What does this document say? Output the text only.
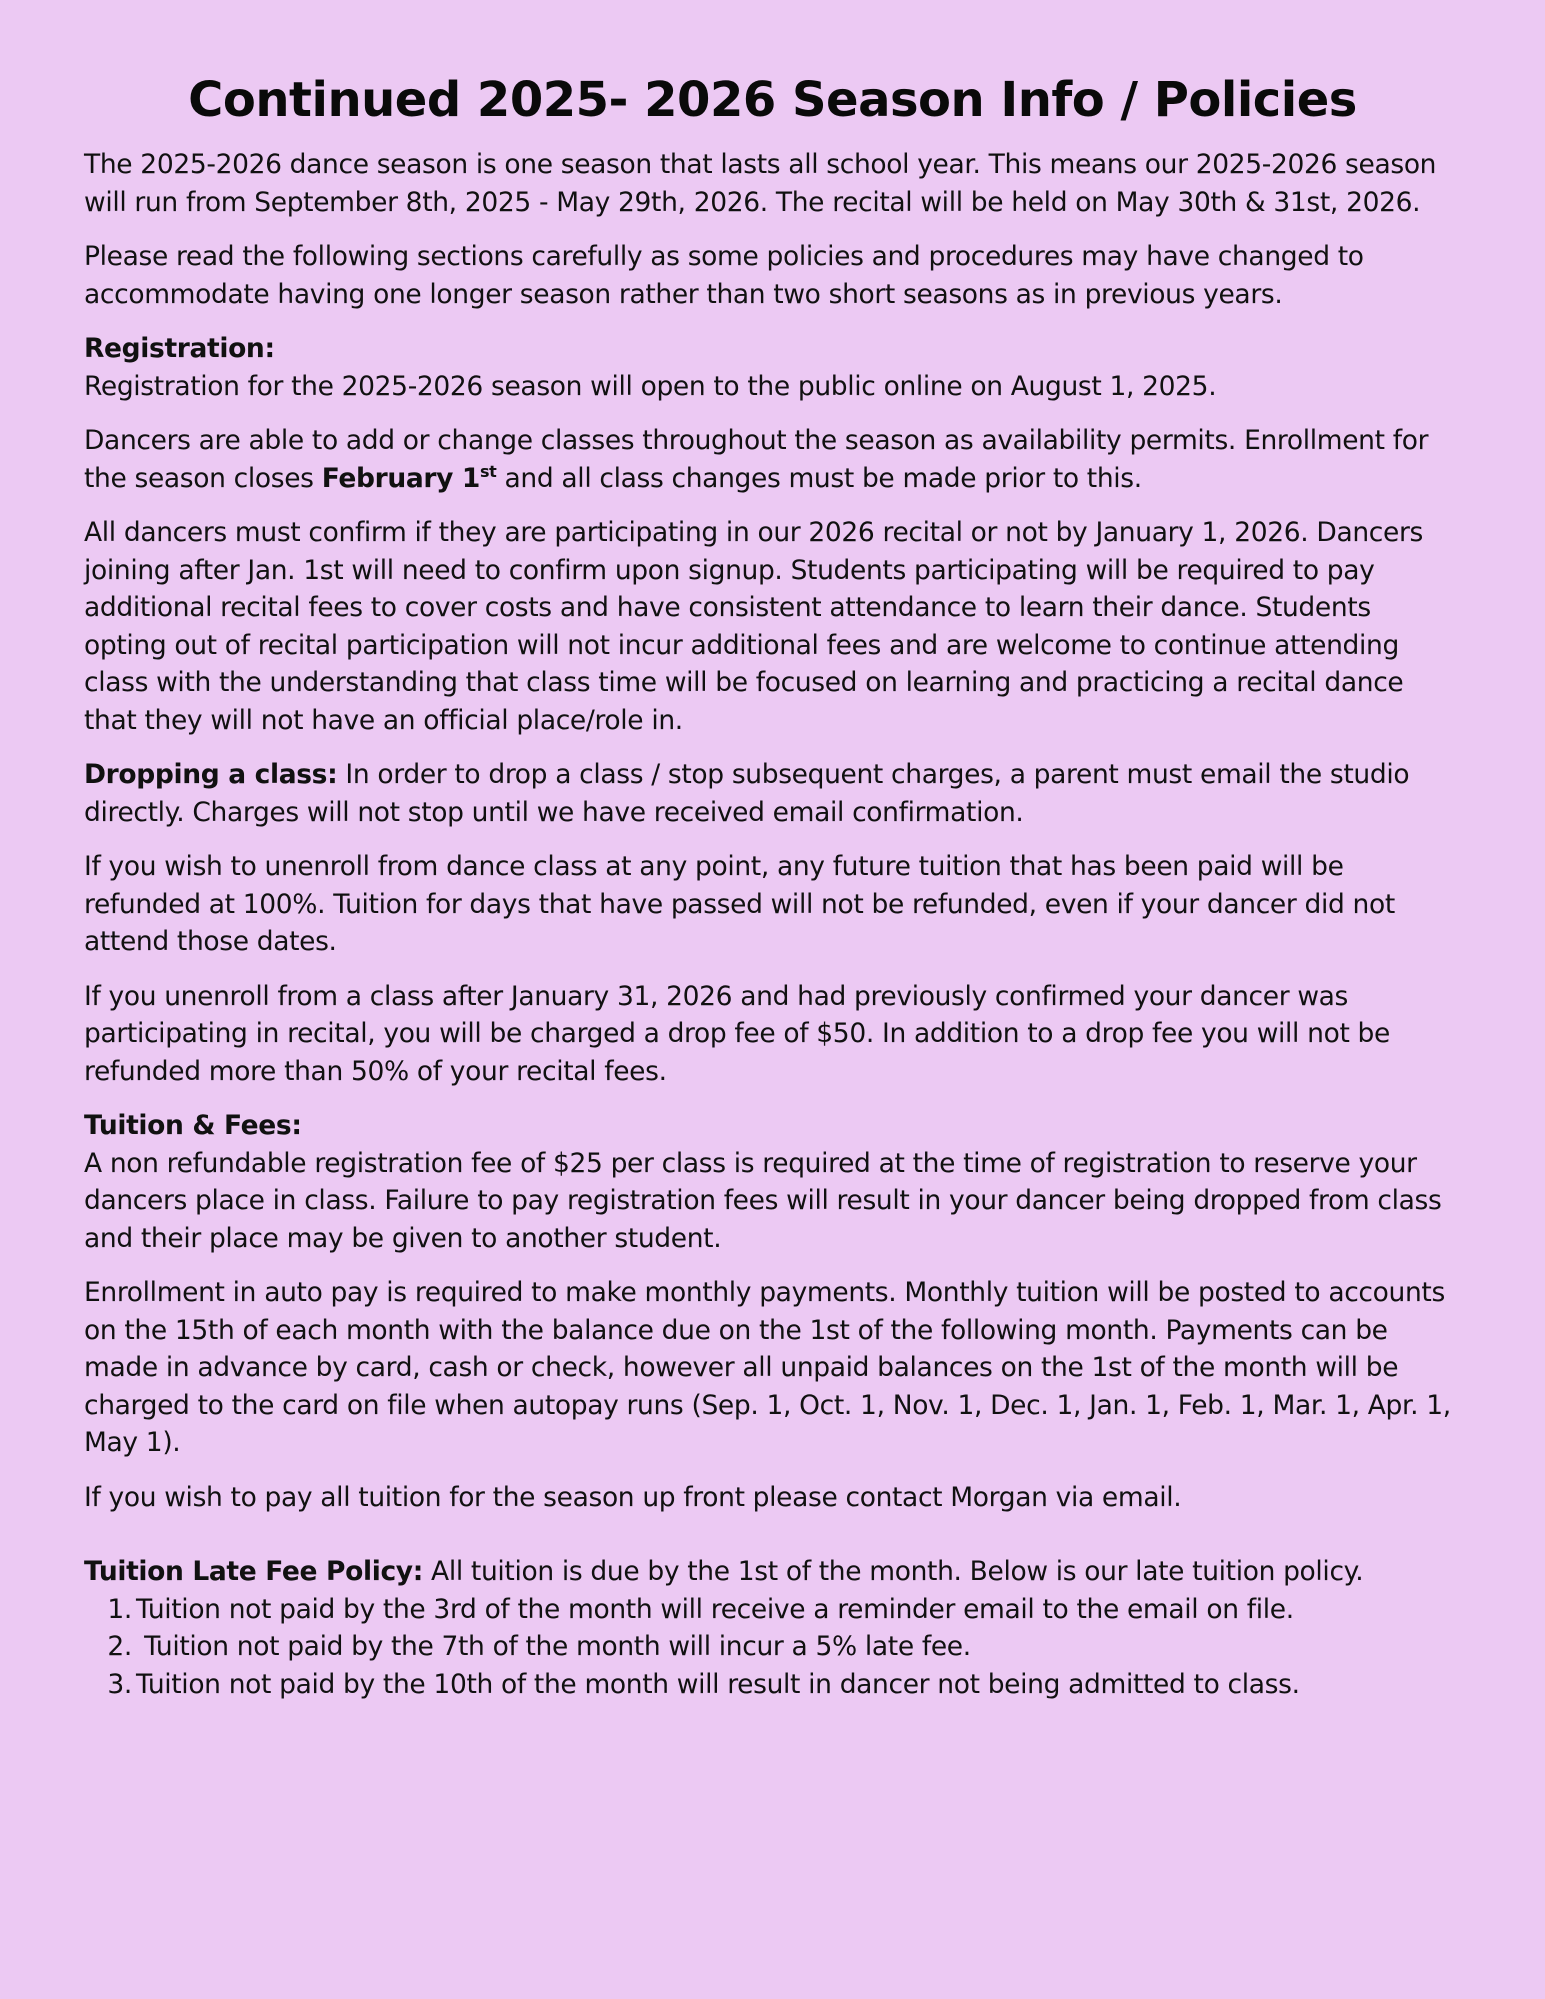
Continued 2025- 2026 Season Info / Policies

The 2025-2026 dance season is one season that lasts all school year. This means our 2025-2026 season will run from September 8th, 2025 - May 29th, 2026. The recital will be held on May 30th & 31st, 2026.

Please read the following sections carefully as some policies and procedures may have changed to accommodate having one longer season rather than two short seasons as in previous years.

Registration:
Registration for the 2025-2026 season will open to the public online on August 1, 2025.

Dancers are able to add or change classes throughout the season as availability permits. Enrollment for the season closes February 1st and all class changes must be made prior to this.

All dancers must confirm if they are participating in our 2026 recital or not by January 1, 2026. Dancers joining after Jan. 1st will need to confirm upon signup. Students participating will be required to pay additional recital fees to cover costs and have consistent attendance to learn their dance. Students opting out of recital participation will not incur additional fees and are welcome to continue attending class with the understanding that class time will be focused on learning and practicing a recital dance that they will not have an official place/role in.

Dropping a class: In order to drop a class / stop subsequent charges, a parent must email the studio directly. Charges will not stop until we have received email confirmation.

If you wish to unenroll from dance class at any point, any future tuition that has been paid will be refunded at 100%. Tuition for days that have passed will not be refunded, even if your dancer did not attend those dates.

If you unenroll from a class after January 31, 2026 and had previously confirmed your dancer was participating in recital, you will be charged a drop fee of $50. In addition to a drop fee you will not be refunded more than 50% of your recital fees.

Tuition & Fees:
A non refundable registration fee of $25 per class is required at the time of registration to reserve your dancers place in class. Failure to pay registration fees will result in your dancer being dropped from class and their place may be given to another student.

Enrollment in auto pay is required to make monthly payments. Monthly tuition will be posted to accounts on the 15th of each month with the balance due on the 1st of the following month. Payments can be made in advance by card, cash or check, however all unpaid balances on the 1st of the month will be charged to the card on file when autopay runs (Sep. 1, Oct. 1, Nov. 1, Dec. 1, Jan. 1, Feb. 1, Mar. 1, Apr. 1, May 1).

If you wish to pay all tuition for the season up front please contact Morgan via email.

Tuition Late Fee Policy: All tuition is due by the 1st of the month. Below is our late tuition policy.

1. Tuition not paid by the 3rd of the month will receive a reminder email to the email on file.
2. Tuition not paid by the 7th of the month will incur a 5% late fee.
3. Tuition not paid by the 10th of the month will result in dancer not being admitted to class.
